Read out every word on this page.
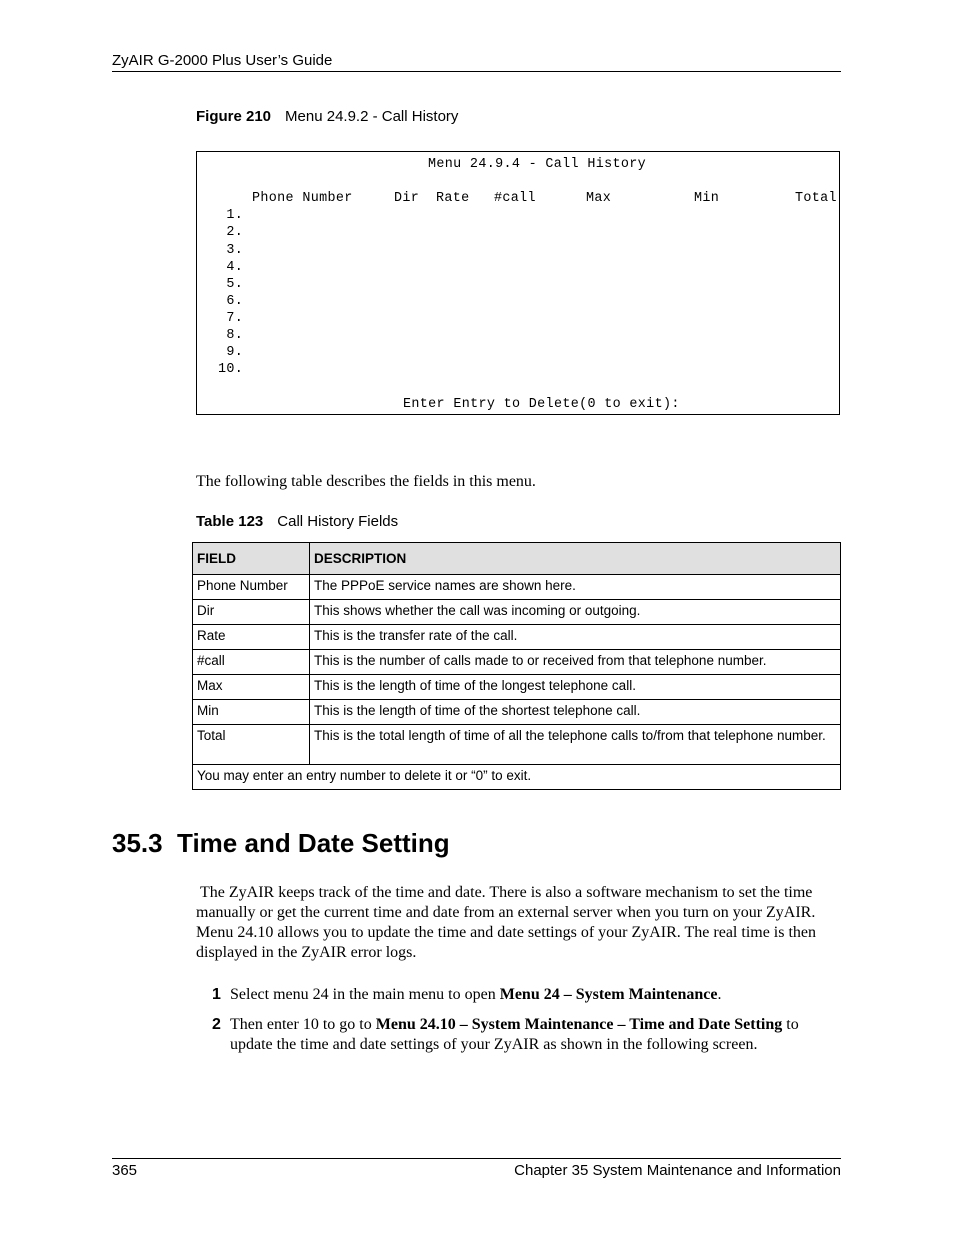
ZyAIR G-2000 Plus User’s Guide
Figure 210 Menu 24.9.2 - Call History
Menu 24.9.4 - Call History
Phone Number	Dir Rate #call	Max	Min	Total
1.
2.
3.
4.
5.
6.
7.
8.
9.
10.
Enter Entry to Delete(0 to exit):
The following table describes the fields in this menu.
Table 123 Call History Fields
FIELD	DESCRIPTION
Phone Number	The PPPoE service names are shown here.
Dir	This shows whether the call was incoming or outgoing.
Rate	This is the transfer rate of the call.
#call	This is the number of calls made to or received from that telephone number.
Max	This is the length of time of the longest telephone call.
Min	This is the length of time of the shortest telephone call.
Total	This is the total length of time of all the telephone calls to/from that telephone number.
You may enter an entry number to delete it or “0” to exit.	
35.3  Time and Date Setting
The ZyAIR keeps track of the time and date. There is also a software mechanism to set the time manually or get the current time and date from an external server when you turn on your ZyAIR. Menu 24.10 allows you to update the time and date settings of your ZyAIR. The real time is then displayed in the ZyAIR error logs.
1 Select menu 24 in the main menu to open Menu 24 – System Maintenance.
2 Then enter 10 to go to Menu 24.10 – System Maintenance – Time and Date Setting to update the time and date settings of your ZyAIR as shown in the following screen.
365	Chapter 35 System Maintenance and Information
